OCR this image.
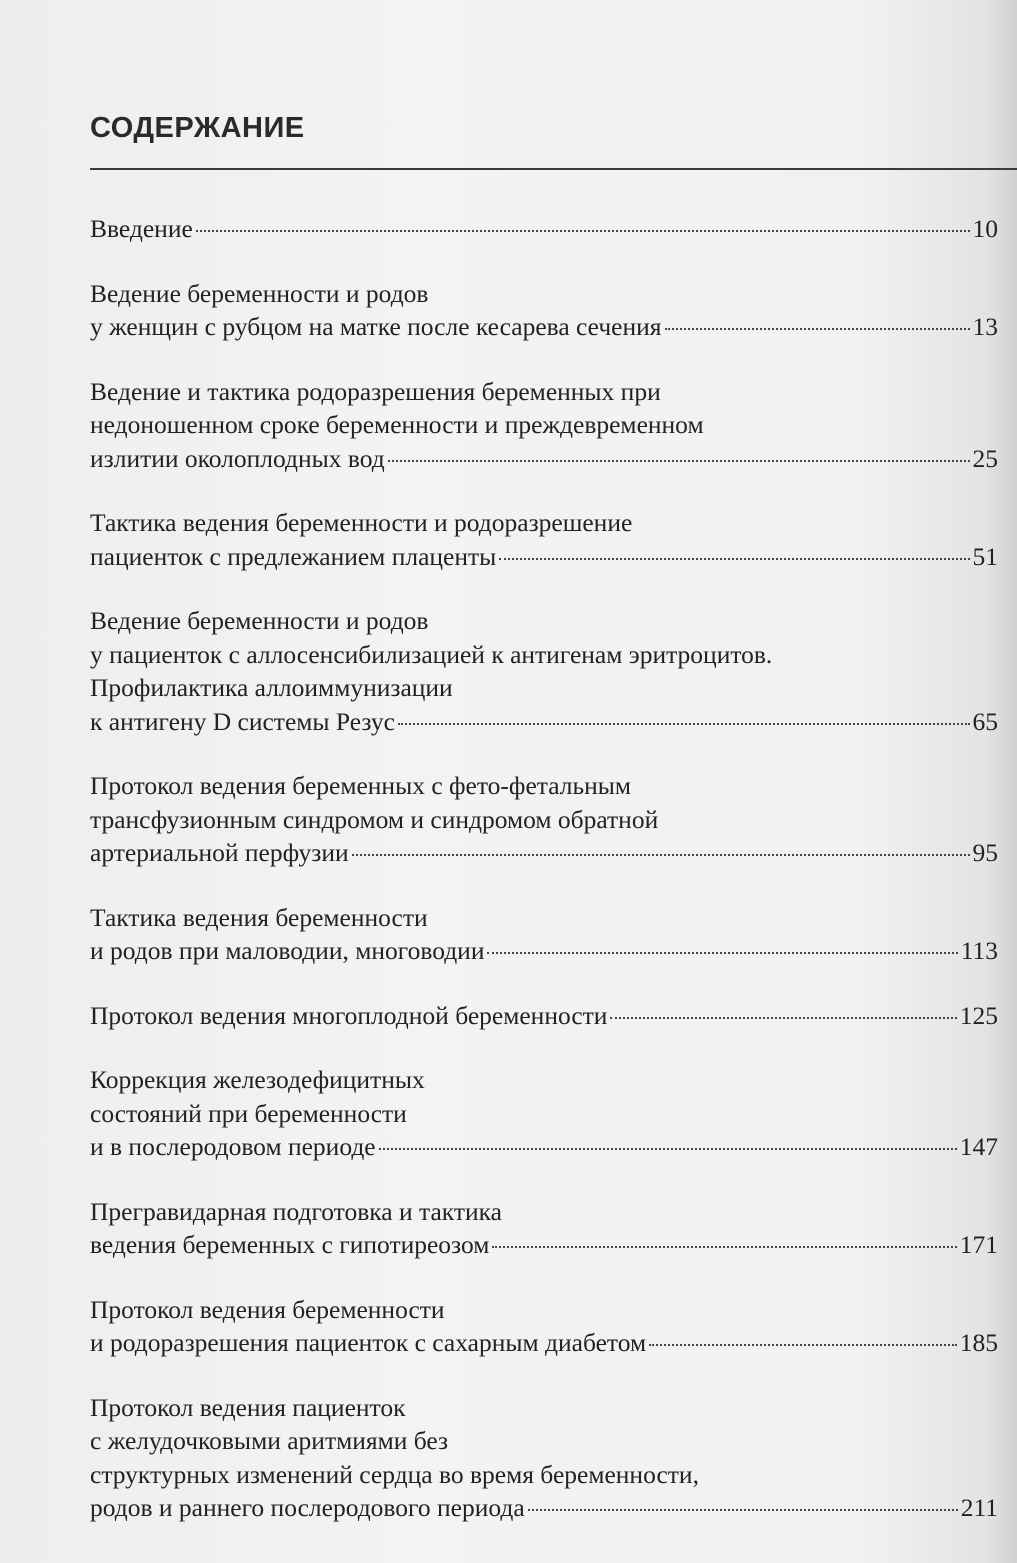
СОДЕРЖАНИЕ
Введение	10
Ведение беременности и родов
у женщин с рубцом на матке после кесарева сечения	13
Ведение и тактика родоразрешения беременных при
недоношенном сроке беременности и преждевременном
излитии околоплодных вод	25
Тактика ведения беременности и родоразрешение
пациенток с предлежанием плаценты	51
Ведение беременности и родов
у пациенток с аллосенсибилизацией к антигенам эритроцитов.
Профилактика аллоиммунизации
к антигену D системы Резус	65
Протокол ведения беременных с фето-фетальным
трансфузионным синдромом и синдромом обратной
артериальной перфузии	95
Тактика ведения беременности
и родов при маловодии, многоводии	113
Протокол ведения многоплодной беременности	125
Коррекция железодефицитных
состояний при беременности
и в послеродовом периоде	147
Прегравидарная подготовка и тактика
ведения беременных с гипотиреозом	171
Протокол ведения беременности
и родоразрешения пациенток с сахарным диабетом	185
Протокол ведения пациенток
с желудочковыми аритмиями без
структурных изменений сердца во время беременности,
родов и раннего послеродового периода	211
